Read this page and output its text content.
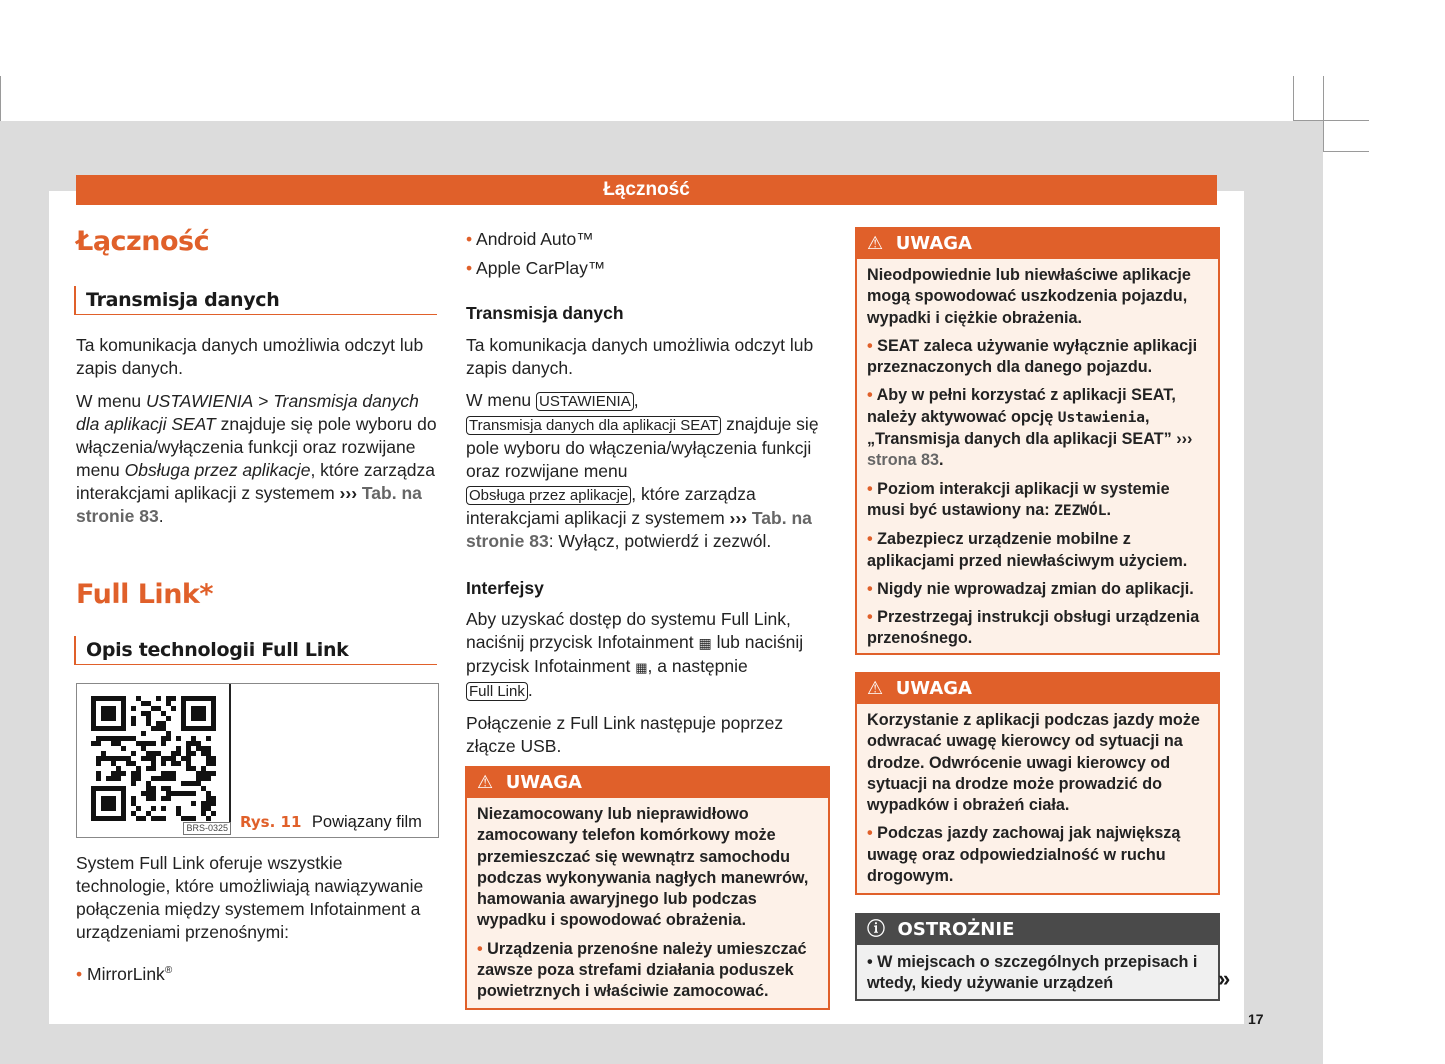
Łączność
Łączność
Transmisja danych

Ta komunikacja danych umożliwia odczyt lub zapis danych.

W menu USTAWIENIA > Transmisja danych dla aplikacji SEAT znajduje się pole wyboru do włączenia/wyłączenia funkcji oraz rozwijane menu Obsługa przez aplikacje, które zarządza interakcjami aplikacji z systemem ››› Tab. na stronie 83.

Full Link*
Opis technologii Full Link
BRS-0325 Rys. 11 Powiązany film

System Full Link oferuje wszystkie technologie, które umożliwiają nawiązywanie połączenia między systemem Infotainment a urządzeniami przenośnymi:

• MirrorLink®

• Android Auto™

• Apple CarPlay™

Transmisja danych

Ta komunikacja danych umożliwia odczyt lub zapis danych.

W menu USTAWIENIA ,
Transmisja danych dla aplikacji SEAT znajduje się pole wyboru do włączenia/wyłączenia funkcji oraz rozwijane menu
Obsługa przez aplikacje , które zarządza interakcjami aplikacji z systemem ››› Tab. na stronie 83: Wyłącz, potwierdź i zezwól.

Interfejsy

Aby uzyskać dostęp do systemu Full Link, naciśnij przycisk Infotainment ▦ lub naciśnij przycisk Infotainment ▦, a następnie
Full Link .

Połączenie z Full Link następuje poprzez złącze USB.

⚠ UWAGA

Niezamocowany lub nieprawidłowo zamocowany telefon komórkowy może przemieszczać się wewnątrz samochodu podczas wykonywania nagłych manewrów, hamowania awaryjnego lub podczas wypadku i spowodować obrażenia.

• Urządzenia przenośne należy umieszczać zawsze poza strefami działania poduszek powietrznych i właściwie zamocować.

⚠ UWAGA

Nieodpowiednie lub niewłaściwe aplikacje mogą spowodować uszkodzenia pojazdu, wypadki i ciężkie obrażenia.

• SEAT zaleca używanie wyłącznie aplikacji przeznaczonych dla danego pojazdu.

• Aby w pełni korzystać z aplikacji SEAT, należy aktywować opcję Ustawienia, „Transmisja danych dla aplikacji SEAT” ››› strona 83.

• Poziom interakcji aplikacji w systemie musi być ustawiony na: ZEZWÓL.

• Zabezpiecz urządzenie mobilne z aplikacjami przed niewłaściwym użyciem.

• Nigdy nie wprowadzaj zmian do aplikacji.

• Przestrzegaj instrukcji obsługi urządzenia przenośnego.

⚠ UWAGA

Korzystanie z aplikacji podczas jazdy może odwracać uwagę kierowcy od sytuacji na drodze. Odwrócenie uwagi kierowcy od sytuacji na drodze może prowadzić do wypadków i obrażeń ciała.

• Podczas jazdy zachowaj jak największą uwagę oraz odpowiedzialność w ruchu drogowym.

ⓘ OSTROŻNIE
• W miejscach o szczególnych przepisach i wtedy, kiedy używanie urządzeń	»
17
